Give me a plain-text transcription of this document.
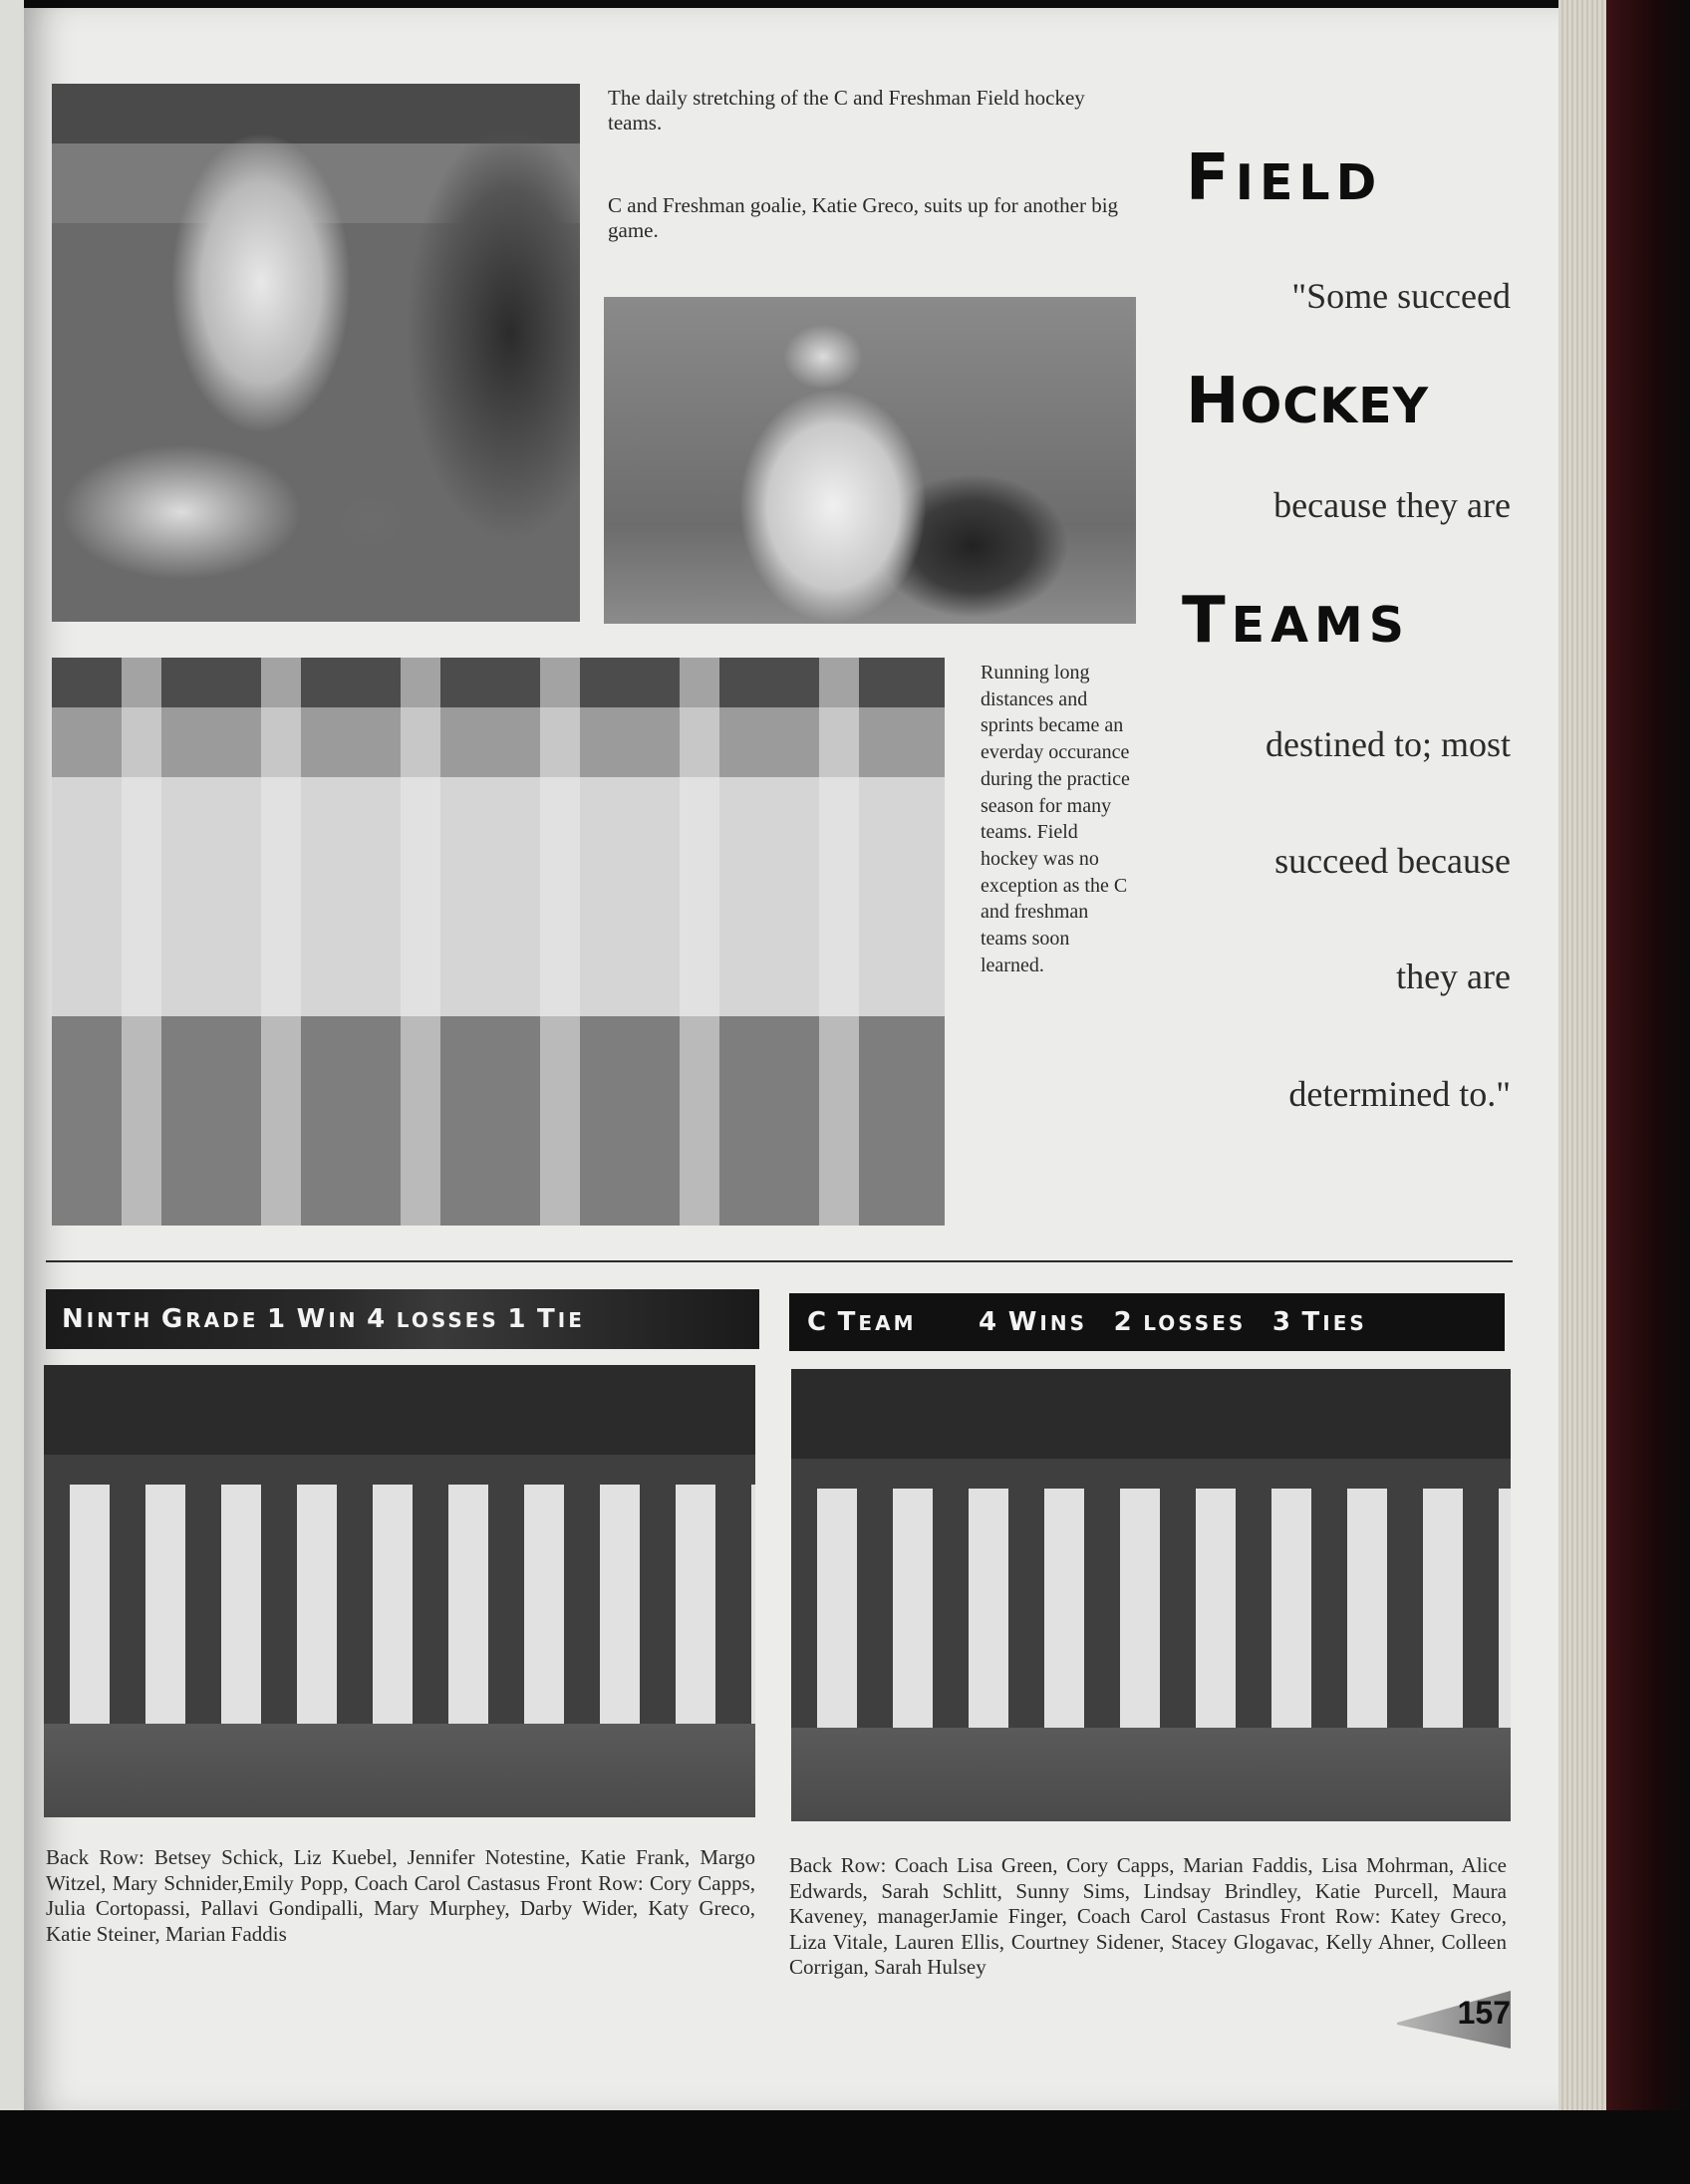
The daily stretching of the C and Freshman Field hockey teams.
C and Freshman goalie, Katie Greco, suits up for another big game.
Running long distances and sprints became an everday occurance during the practice season for many teams. Field hockey was no exception as the C and freshman teams soon learned.
FIELD
HOCKEY
TEAMS
"Some succeed
because they are
destined to; most
succeed because
they are
determined to."
NINTH GRADE 1 WIN 4 LOSSES 1 TIE	C TEAM 4 WINS 2 LOSSES 3 TIES
Back Row: Betsey Schick, Liz Kuebel, Jennifer Notestine, Katie Frank, Margo Witzel, Mary Schnider,Emily Popp, Coach Carol Castasus Front Row: Cory Capps, Julia Cortopassi, Pallavi Gondipalli, Mary Murphey, Darby Wider, Katy Greco, Katie Steiner, Marian Faddis
Back Row: Coach Lisa Green, Cory Capps, Marian Faddis, Lisa Mohrman, Alice Edwards, Sarah Schlitt, Sunny Sims, Lindsay Brindley, Katie Purcell, Maura Kaveney, managerJamie Finger, Coach Carol Castasus Front Row: Katey Greco, Liza Vitale, Lauren Ellis, Courtney Sidener, Stacey Glogavac, Kelly Ahner, Colleen Corrigan, Sarah Hulsey
157
